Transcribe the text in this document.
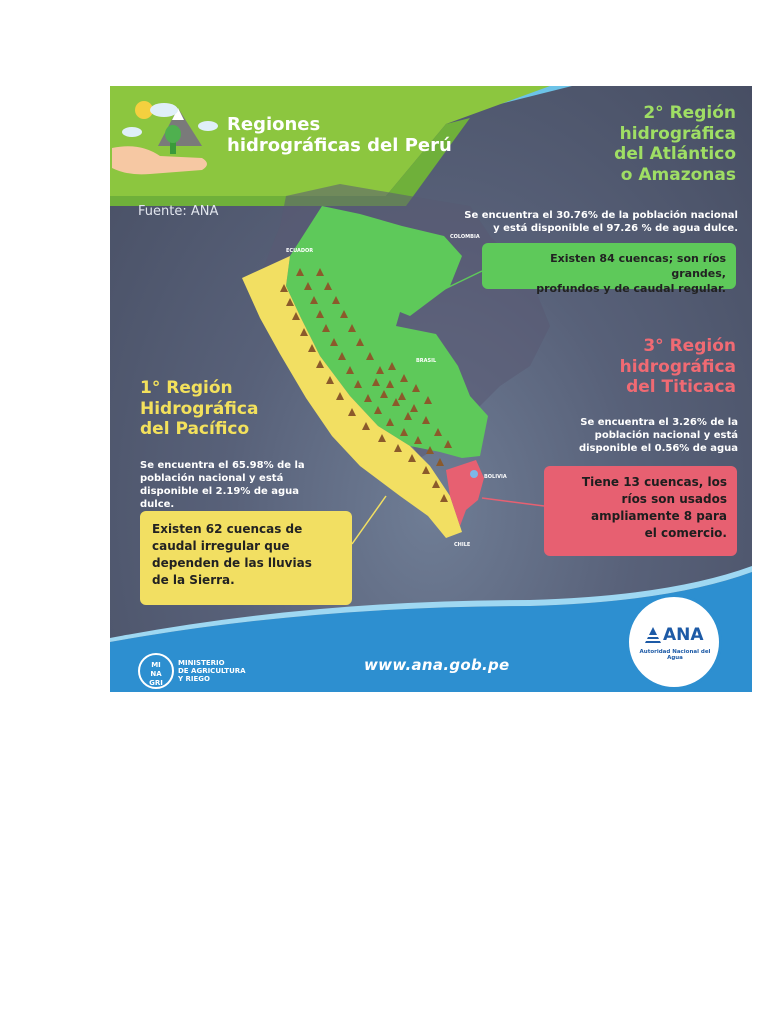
ECUADOR
COLOMBIA
BRASIL
BOLIVIA
CHILE
Regiones
hidrográficas del Perú
Fuente: ANA
2° Región
hidrográfica
del Atlántico
o Amazonas
Se encuentra el 30.76% de la población nacional
y está disponible el 97.26 % de agua dulce.
Existen 84 cuencas; son ríos grandes,
profundos y de caudal regular.
1° Región
Hidrográfica
del Pacífico
Se encuentra el 65.98% de la
población nacional y está
disponible el 2.19% de agua dulce.
Existen 62 cuencas de
caudal irregular que
dependen de las lluvias
de la Sierra.
3° Región
hidrográfica
del Titicaca
Se encuentra el 3.26% de la
población nacional y está
disponible el 0.56% de agua
Tiene 13 cuencas, los
ríos son usados
ampliamente 8 para
el comercio.
MI
NA
GRI
MINISTERIO
DE AGRICULTURA
Y RIEGO
www.ana.gob.pe
ANA
Autoridad Nacional del Agua
